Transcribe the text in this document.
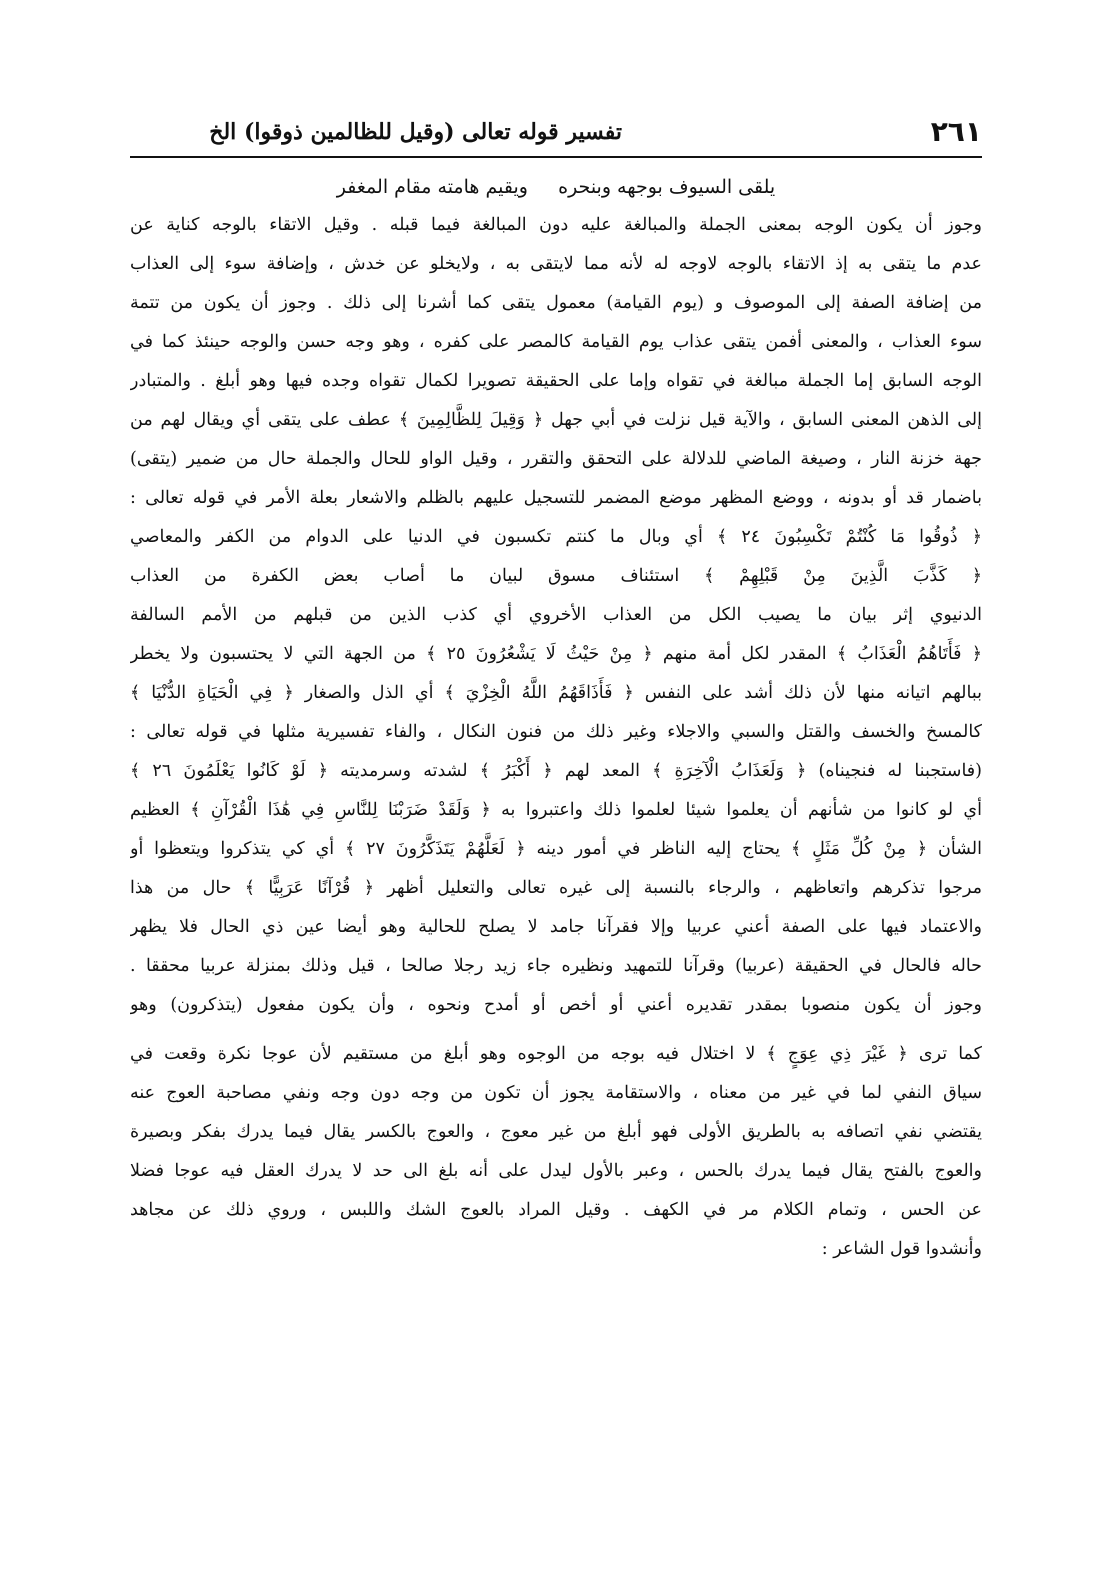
٢٦١
تفسير قوله تعالى (وقيل للظالمين ذوقوا) الخ
يلقى السيوف بوجهه وبنحره     ويقيم هامته مقام المغفر
وجوز أن يكون الوجه بمعنى الجملة والمبالغة عليه دون المبالغة فيما قبله . وقيل الاتقاء بالوجه كناية عن
عدم ما يتقى به إذ الاتقاء بالوجه لاوجه له لأنه مما لايتقى به ، ولايخلو عن خدش ، وإضافة سوء إلى العذاب
من إضافة الصفة إلى الموصوف و (يوم القيامة) معمول يتقى كما أشرنا إلى ذلك . وجوز أن يكون من تتمة
سوء العذاب ، والمعنى أفمن يتقى عذاب يوم القيامة كالمصر على كفره ، وهو وجه حسن والوجه حينئذ كما في
الوجه السابق إما الجملة مبالغة في تقواه وإما على الحقيقة تصويرا لكمال تقواه وجده فيها وهو أبلغ . والمتبادر
إلى الذهن المعنى السابق ، والآية قيل نزلت في أبي جهل ﴿ وَقِيلَ لِلظَّالِمِينَ ﴾ عطف على يتقى أي ويقال لهم من
جهة خزنة النار ، وصيغة الماضي للدلالة على التحقق والتقرر ، وقيل الواو للحال والجملة حال من ضمير (يتقى)
باضمار قد أو بدونه ، ووضع المظهر موضع المضمر للتسجيل عليهم بالظلم والاشعار بعلة الأمر في قوله تعالى :
﴿ ذُوقُوا مَا كُنْتُمْ تَكْسِبُونَ ٢٤ ﴾ أي وبال ما كنتم تكسبون في الدنيا على الدوام من الكفر والمعاصي
﴿ كَذَّبَ الَّذِينَ مِنْ قَبْلِهِمْ ﴾ استئناف مسوق لبيان ما أصاب بعض الكفرة من العذاب
الدنيوي إثر بيان ما يصيب الكل من العذاب الأخروي أي كذب الذين من قبلهم من الأمم السالفة
﴿ فَأَتَاهُمُ الْعَذَابُ ﴾ المقدر لكل أمة منهم ﴿ مِنْ حَيْثُ لَا يَشْعُرُونَ ٢٥ ﴾ من الجهة التي لا يحتسبون ولا يخطر
ببالهم اتيانه منها لأن ذلك أشد على النفس ﴿ فَأَذَاقَهُمُ اللَّهُ الْخِزْيَ ﴾ أي الذل والصغار ﴿ فِي الْحَيَاةِ الدُّنْيَا ﴾
كالمسخ والخسف والقتل والسبي والاجلاء وغير ذلك من فنون النكال ، والفاء تفسيرية مثلها في قوله تعالى :
(فاستجبنا له فنجيناه) ﴿ وَلَعَذَابُ الْآخِرَةِ ﴾ المعد لهم ﴿ أَكْبَرُ ﴾ لشدته وسرمديته ﴿ لَوْ كَانُوا يَعْلَمُونَ ٢٦ ﴾
أي لو كانوا من شأنهم أن يعلموا شيئا لعلموا ذلك واعتبروا به ﴿ وَلَقَدْ ضَرَبْنَا لِلنَّاسِ فِي هَٰذَا الْقُرْآنِ ﴾ العظيم
الشأن ﴿ مِنْ كُلِّ مَثَلٍ ﴾ يحتاج إليه الناظر في أمور دينه ﴿ لَعَلَّهُمْ يَتَذَكَّرُونَ ٢٧ ﴾ أي كي يتذكروا ويتعظوا أو
مرجوا تذكرهم واتعاظهم ، والرجاء بالنسبة إلى غيره تعالى والتعليل أظهر ﴿ قُرْآنًا عَرَبِيًّا ﴾ حال من هذا
والاعتماد فيها على الصفة أعني عربيا وإلا فقرآنا جامد لا يصلح للحالية وهو أيضا عين ذي الحال فلا يظهر
حاله فالحال في الحقيقة (عربيا) وقرآنا للتمهيد ونظيره جاء زيد رجلا صالحا ، قيل وذلك بمنزلة عربيا محققا .
وجوز أن يكون منصوبا بمقدر تقديره أعني أو أخص أو أمدح ونحوه ، وأن يكون مفعول (يتذكرون) وهو
كما ترى ﴿ غَيْرَ ذِي عِوَجٍ ﴾ لا اختلال فيه بوجه من الوجوه وهو أبلغ من مستقيم لأن عوجا نكرة وقعت في
سياق النفي لما في غير من معناه ، والاستقامة يجوز أن تكون من وجه دون وجه ونفي مصاحبة العوج عنه
يقتضي نفي اتصافه به بالطريق الأولى فهو أبلغ من غير معوج ، والعوج بالكسر يقال فيما يدرك بفكر وبصيرة
والعوج بالفتح يقال فيما يدرك بالحس ، وعبر بالأول ليدل على أنه بلغ الى حد لا يدرك العقل فيه عوجا فضلا
عن الحس ، وتمام الكلام مر في الكهف . وقيل المراد بالعوج الشك واللبس ، وروي ذلك عن مجاهد
وأنشدوا قول الشاعر :
